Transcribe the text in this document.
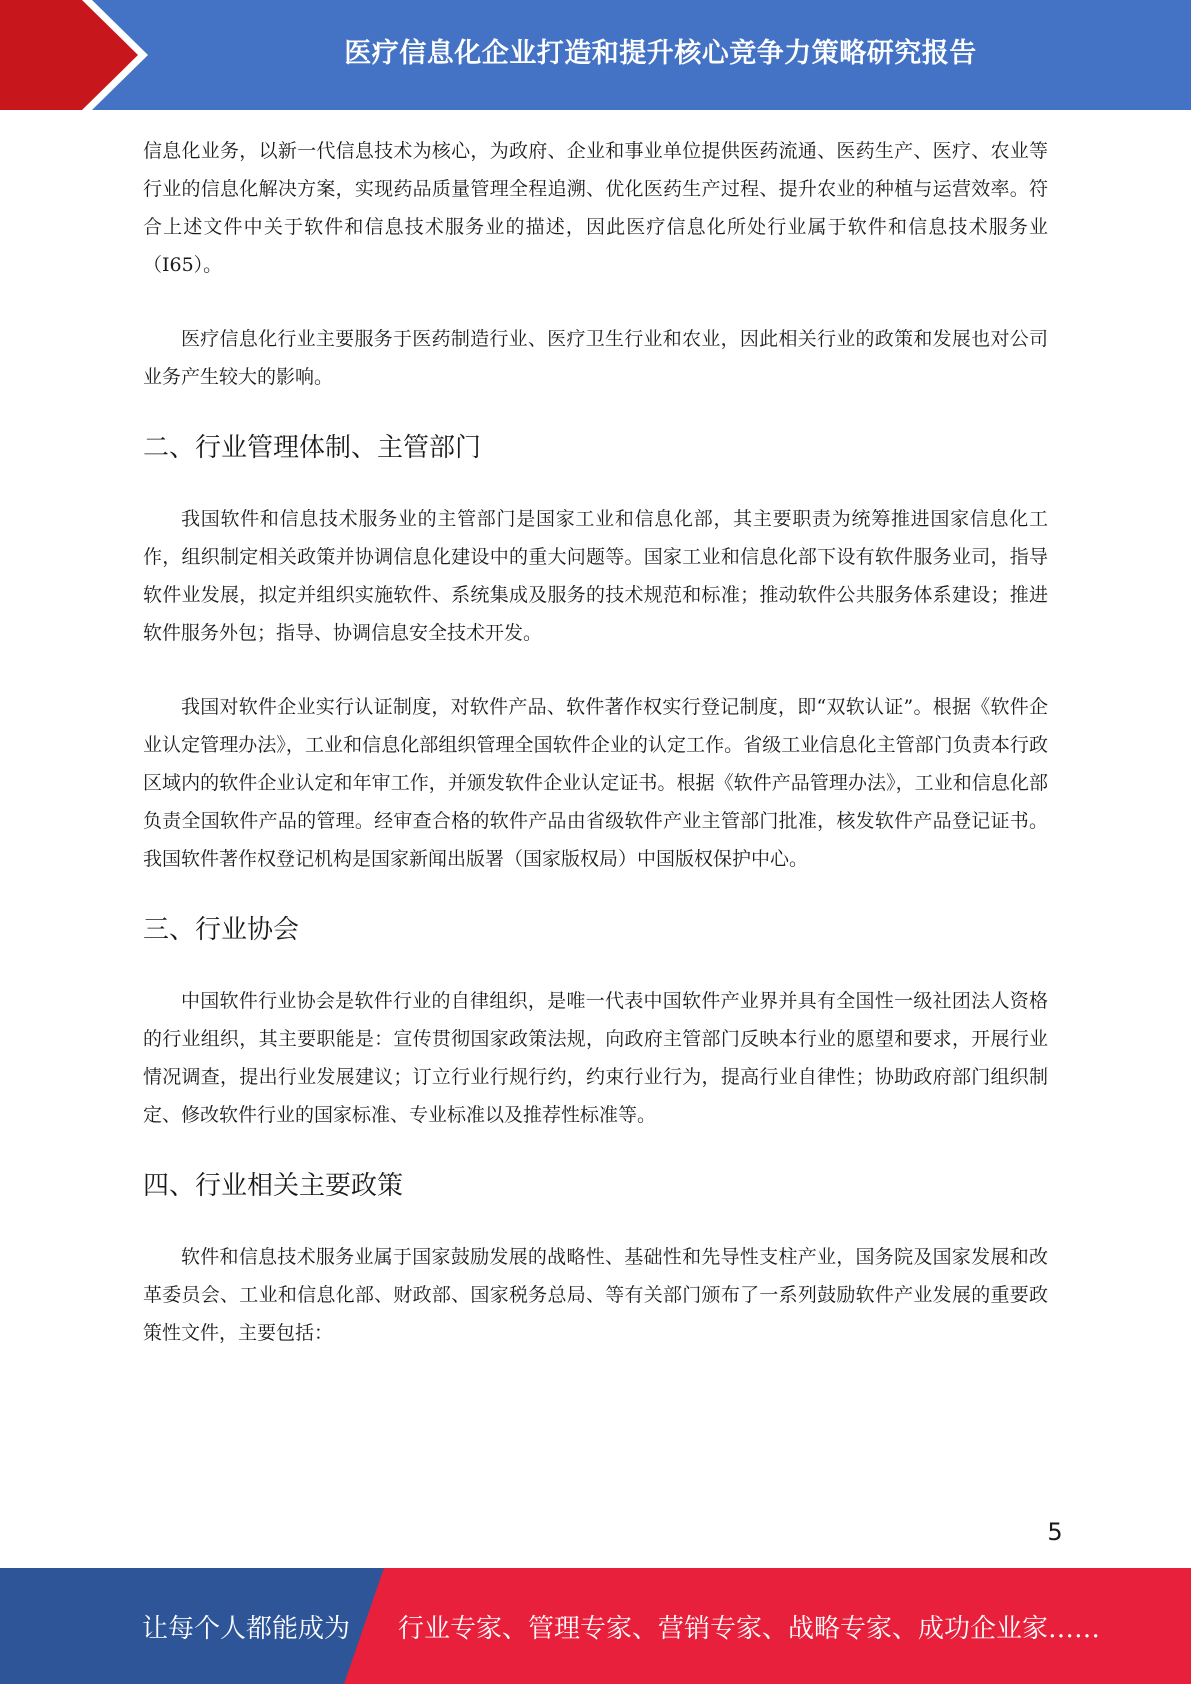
医疗信息化企业打造和提升核心竞争力策略研究报告

信息化业务，以新一代信息技术为核心，为政府、企业和事业单位提供医药流通、医药生产、医疗、农业等行业的信息化解决方案，实现药品质量管理全程追溯、优化医药生产过程、提升农业的种植与运营效率。符合上述文件中关于软件和信息技术服务业的描述，因此医疗信息化所处行业属于软件和信息技术服务业（I65）。

医疗信息化行业主要服务于医药制造行业、医疗卫生行业和农业，因此相关行业的政策和发展也对公司业务产生较大的影响。

二、行业管理体制、主管部门

我国软件和信息技术服务业的主管部门是国家工业和信息化部，其主要职责为统筹推进国家信息化工作，组织制定相关政策并协调信息化建设中的重大问题等。国家工业和信息化部下设有软件服务业司，指导软件业发展，拟定并组织实施软件、系统集成及服务的技术规范和标准；推动软件公共服务体系建设；推进软件服务外包；指导、协调信息安全技术开发。

我国对软件企业实行认证制度，对软件产品、软件著作权实行登记制度，即“双软认证”。根据《软件企业认定管理办法》，工业和信息化部组织管理全国软件企业的认定工作。省级工业信息化主管部门负责本行政区域内的软件企业认定和年审工作，并颁发软件企业认定证书。根据《软件产品管理办法》，工业和信息化部负责全国软件产品的管理。经审查合格的软件产品由省级软件产业主管部门批准，核发软件产品登记证书。我国软件著作权登记机构是国家新闻出版署（国家版权局）中国版权保护中心。

三、行业协会

中国软件行业协会是软件行业的自律组织，是唯一代表中国软件产业界并具有全国性一级社团法人资格的行业组织，其主要职能是：宣传贯彻国家政策法规，向政府主管部门反映本行业的愿望和要求，开展行业情况调查，提出行业发展建议；订立行业行规行约，约束行业行为，提高行业自律性；协助政府部门组织制定、修改软件行业的国家标准、专业标准以及推荐性标准等。

四、行业相关主要政策

软件和信息技术服务业属于国家鼓励发展的战略性、基础性和先导性支柱产业，国务院及国家发展和改革委员会、工业和信息化部、财政部、国家税务总局、等有关部门颁布了一系列鼓励软件产业发展的重要政策性文件，主要包括：

5
让每个人都能成为 行业专家、管理专家、营销专家、战略专家、成功企业家……
